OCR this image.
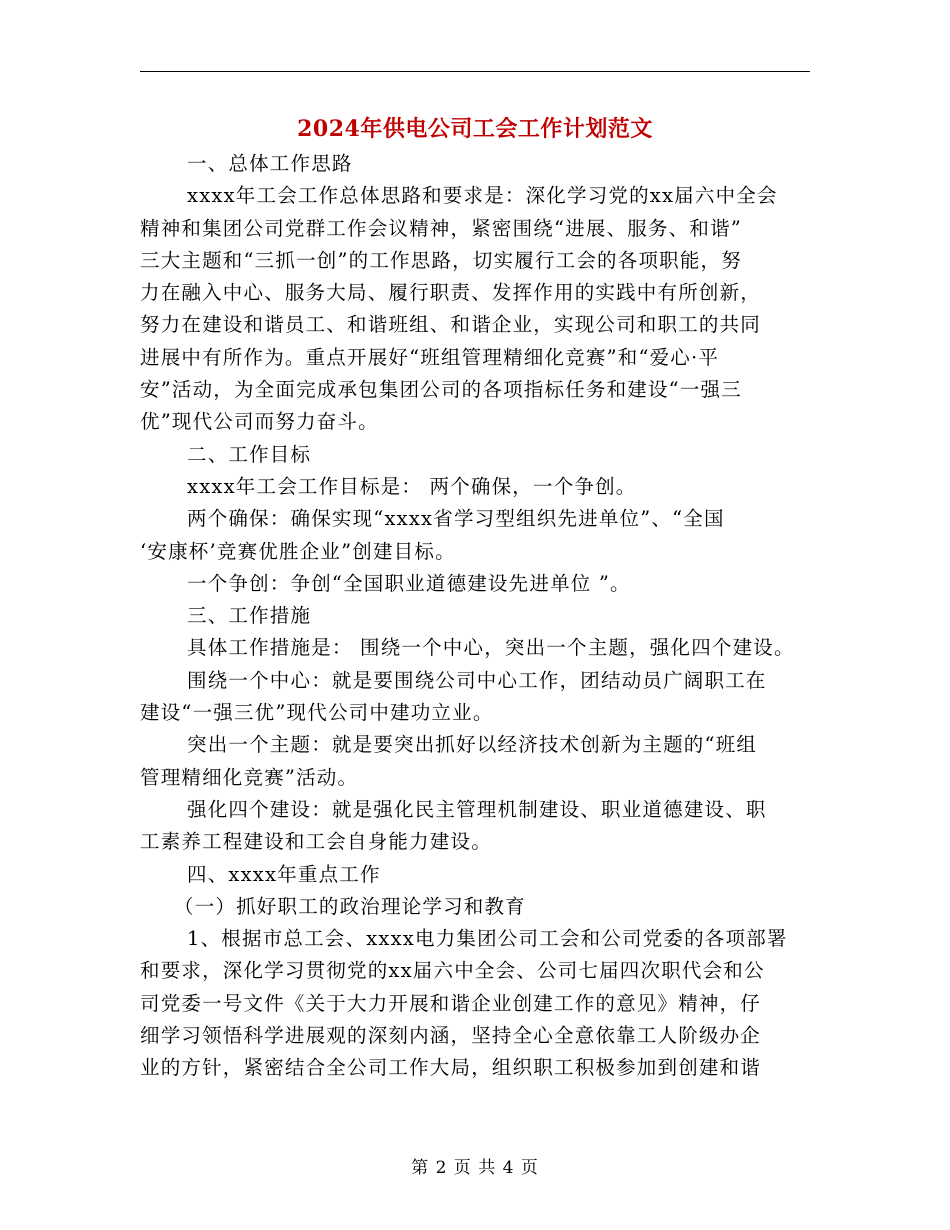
2024年供电公司工会工作计划范文
一、总体工作思路
xxxx年工会工作总体思路和要求是：深化学习党的xx届六中全会
精神和集团公司党群工作会议精神，紧密围绕“进展、服务、和谐”
三大主题和“三抓一创”的工作思路，切实履行工会的各项职能，努
力在融入中心、服务大局、履行职责、发挥作用的实践中有所创新，
努力在建设和谐员工、和谐班组、和谐企业，实现公司和职工的共同
进展中有所作为。重点开展好“班组管理精细化竞赛”和“爱心·平
安”活动，为全面完成承包集团公司的各项指标任务和建设“一强三
优”现代公司而努力奋斗。
二、工作目标
xxxx年工会工作目标是： 两个确保，一个争创。
两个确保：确保实现“xxxx省学习型组织先进单位”、“全国
‘安康杯’竞赛优胜企业”创建目标。
一个争创：争创“全国职业道德建设先进单位 ”。
三、工作措施
具体工作措施是： 围绕一个中心，突出一个主题，强化四个建设。
围绕一个中心：就是要围绕公司中心工作，团结动员广阔职工在
建设“一强三优”现代公司中建功立业。
突出一个主题：就是要突出抓好以经济技术创新为主题的“班组
管理精细化竞赛”活动。
强化四个建设：就是强化民主管理机制建设、职业道德建设、职
工素养工程建设和工会自身能力建设。
四、xxxx年重点工作
（一）抓好职工的政治理论学习和教育
1、根据市总工会、xxxx电力集团公司工会和公司党委的各项部署
和要求，深化学习贯彻党的xx届六中全会、公司七届四次职代会和公
司党委一号文件《关于大力开展和谐企业创建工作的意见》精神，仔
细学习领悟科学进展观的深刻内涵，坚持全心全意依靠工人阶级办企
业的方针，紧密结合全公司工作大局，组织职工积极参加到创建和谐
第 2 页 共 4 页
